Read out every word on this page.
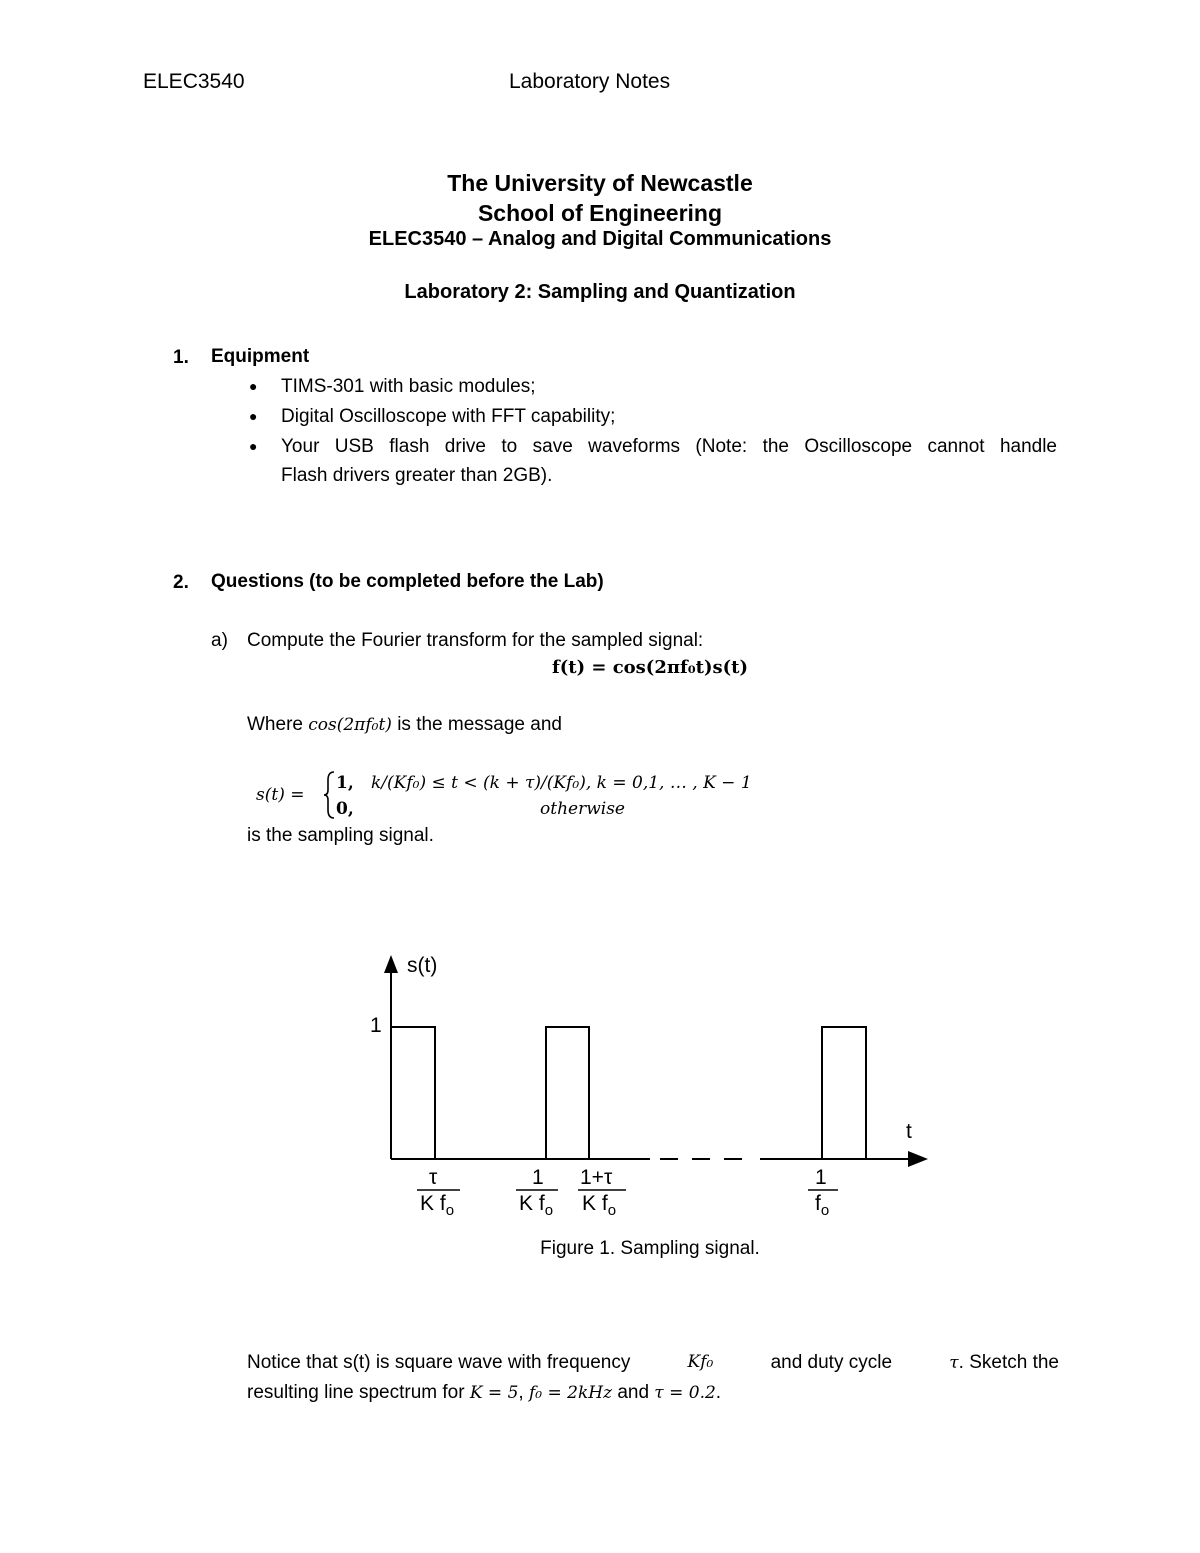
ELEC3540	Laboratory Notes
The University of Newcastle
School of Engineering
ELEC3540 – Analog and Digital Communications
Laboratory 2: Sampling and Quantization
1. Equipment
● TIMS-301 with basic modules;
● Digital Oscilloscope with FFT capability;
● Your USB flash drive to save waveforms (Note: the Oscilloscope cannot handle
Flash drivers greater than 2GB).
2. Questions (to be completed before the Lab)
a) Compute the Fourier transform for the sampled signal:
f(t) = cos(2πf₀t)s(t)
Where cos(2πf₀t) is the message and
s(t) =
1, k/(Kf₀) ≤ t < (k + τ)/(Kf₀), k = 0,1, … , K − 1
0,	otherwise
is the sampling signal.
s(t)
t
1
τ
K $f_o$
1
K $f_o$
1+τ
K $f_o$
1
$f_o$
Figure 1. Sampling signal.
Notice that s(t) is square wave with frequency	Kf₀	and duty cycle	τ. Sketch the
resulting line spectrum for K = 5, f₀ = 2kHz and τ = 0.2.
